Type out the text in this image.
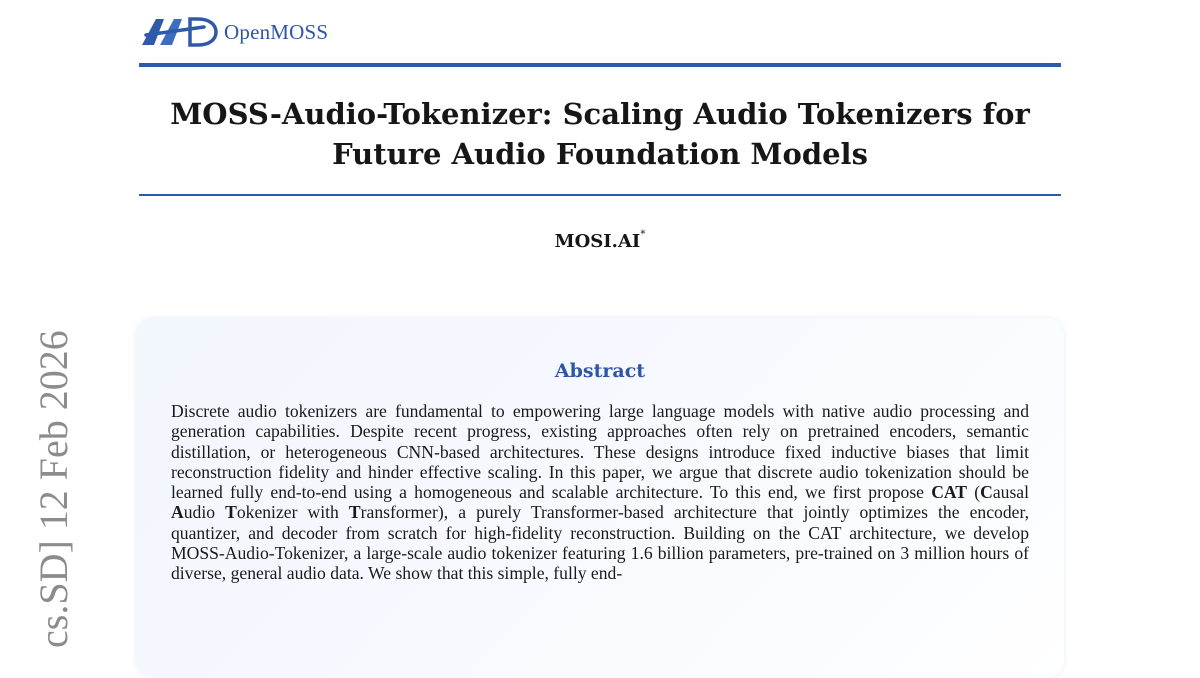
OpenMOSS
MOSS-Audio-Tokenizer: Scaling Audio Tokenizers for
Future Audio Foundation Models
MOSI.AI*
cs.SD] 12 Feb 2026	Abstract
Discrete audio tokenizers are fundamental to empowering large language models with native audio processing and generation capabilities. Despite recent progress, existing approaches often rely on pretrained encoders, semantic distillation, or heterogeneous CNN-based architectures. These designs introduce fixed inductive biases that limit reconstruction fidelity and hinder effective scaling. In this paper, we argue that discrete audio tokenization should be learned fully end-to-end using a homogeneous and scalable architecture. To this end, we first propose CAT (Causal Audio Tokenizer with Transformer), a purely Transformer-based architecture that jointly optimizes the encoder, quantizer, and decoder from scratch for high-fidelity reconstruction. Building on the CAT architecture, we develop MOSS-Audio-Tokenizer, a large-scale audio tokenizer featuring 1.6 billion parameters, pre-trained on 3 million hours of diverse, general audio data. We show that this simple, fully end-
